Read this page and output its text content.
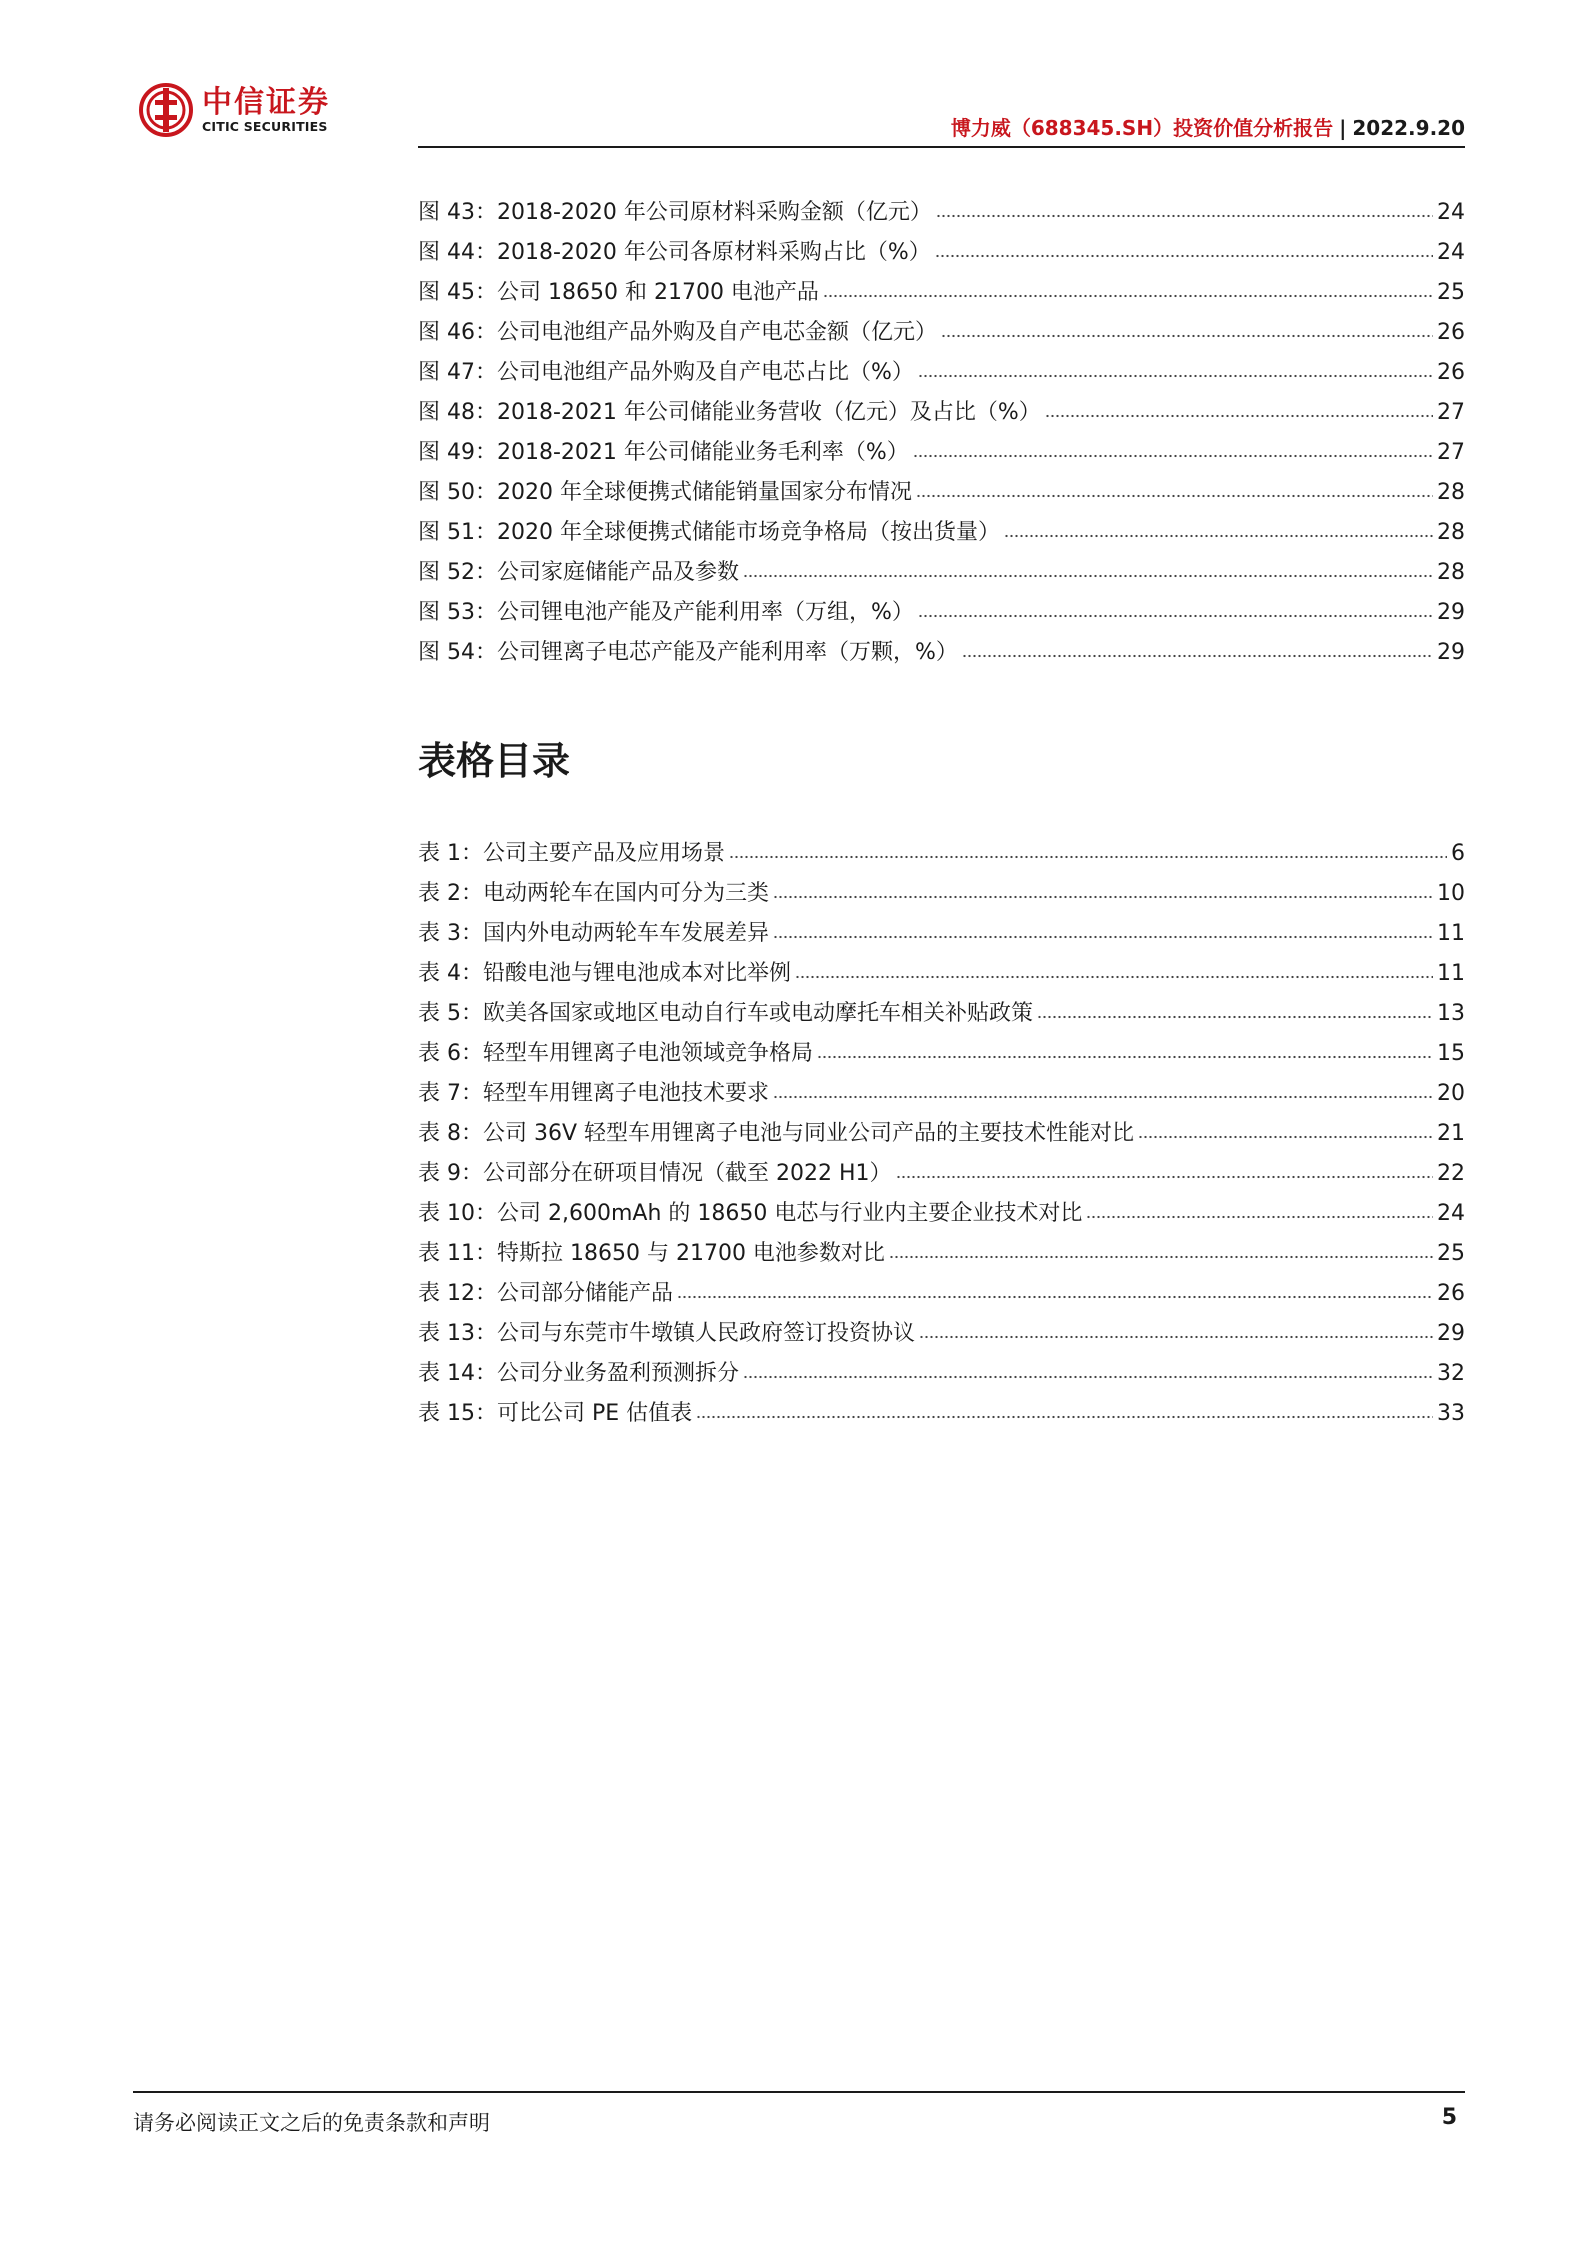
中信证券
CITIC SECURITIES	博力威（688345.SH）投资价值分析报告 | 2022.9.20
图 43：2018-2020 年公司原材料采购金额（亿元）	24
图 44：2018-2020 年公司各原材料采购占比（%）	24
图 45：公司 18650 和 21700 电池产品	25
图 46：公司电池组产品外购及自产电芯金额（亿元）	26
图 47：公司电池组产品外购及自产电芯占比（%）	26
图 48：2018-2021 年公司储能业务营收（亿元）及占比（%）	27
图 49：2018-2021 年公司储能业务毛利率（%）	27
图 50：2020 年全球便携式储能销量国家分布情况	28
图 51：2020 年全球便携式储能市场竞争格局（按出货量）	28
图 52：公司家庭储能产品及参数	28
图 53：公司锂电池产能及产能利用率（万组，%）	29
图 54：公司锂离子电芯产能及产能利用率（万颗，%）	29
表格目录
表 1：公司主要产品及应用场景	6
表 2：电动两轮车在国内可分为三类	10
表 3：国内外电动两轮车车发展差异	11
表 4：铅酸电池与锂电池成本对比举例	11
表 5：欧美各国家或地区电动自行车或电动摩托车相关补贴政策	13
表 6：轻型车用锂离子电池领域竞争格局	15
表 7：轻型车用锂离子电池技术要求	20
表 8：公司 36V 轻型车用锂离子电池与同业公司产品的主要技术性能对比	21
表 9：公司部分在研项目情况（截至 2022 H1）	22
表 10：公司 2,600mAh 的 18650 电芯与行业内主要企业技术对比	24
表 11：特斯拉 18650 与 21700 电池参数对比	25
表 12：公司部分储能产品	26
表 13：公司与东莞市牛墩镇人民政府签订投资协议	29
表 14：公司分业务盈利预测拆分	32
表 15：可比公司 PE 估值表	33
请务必阅读正文之后的免责条款和声明	5
